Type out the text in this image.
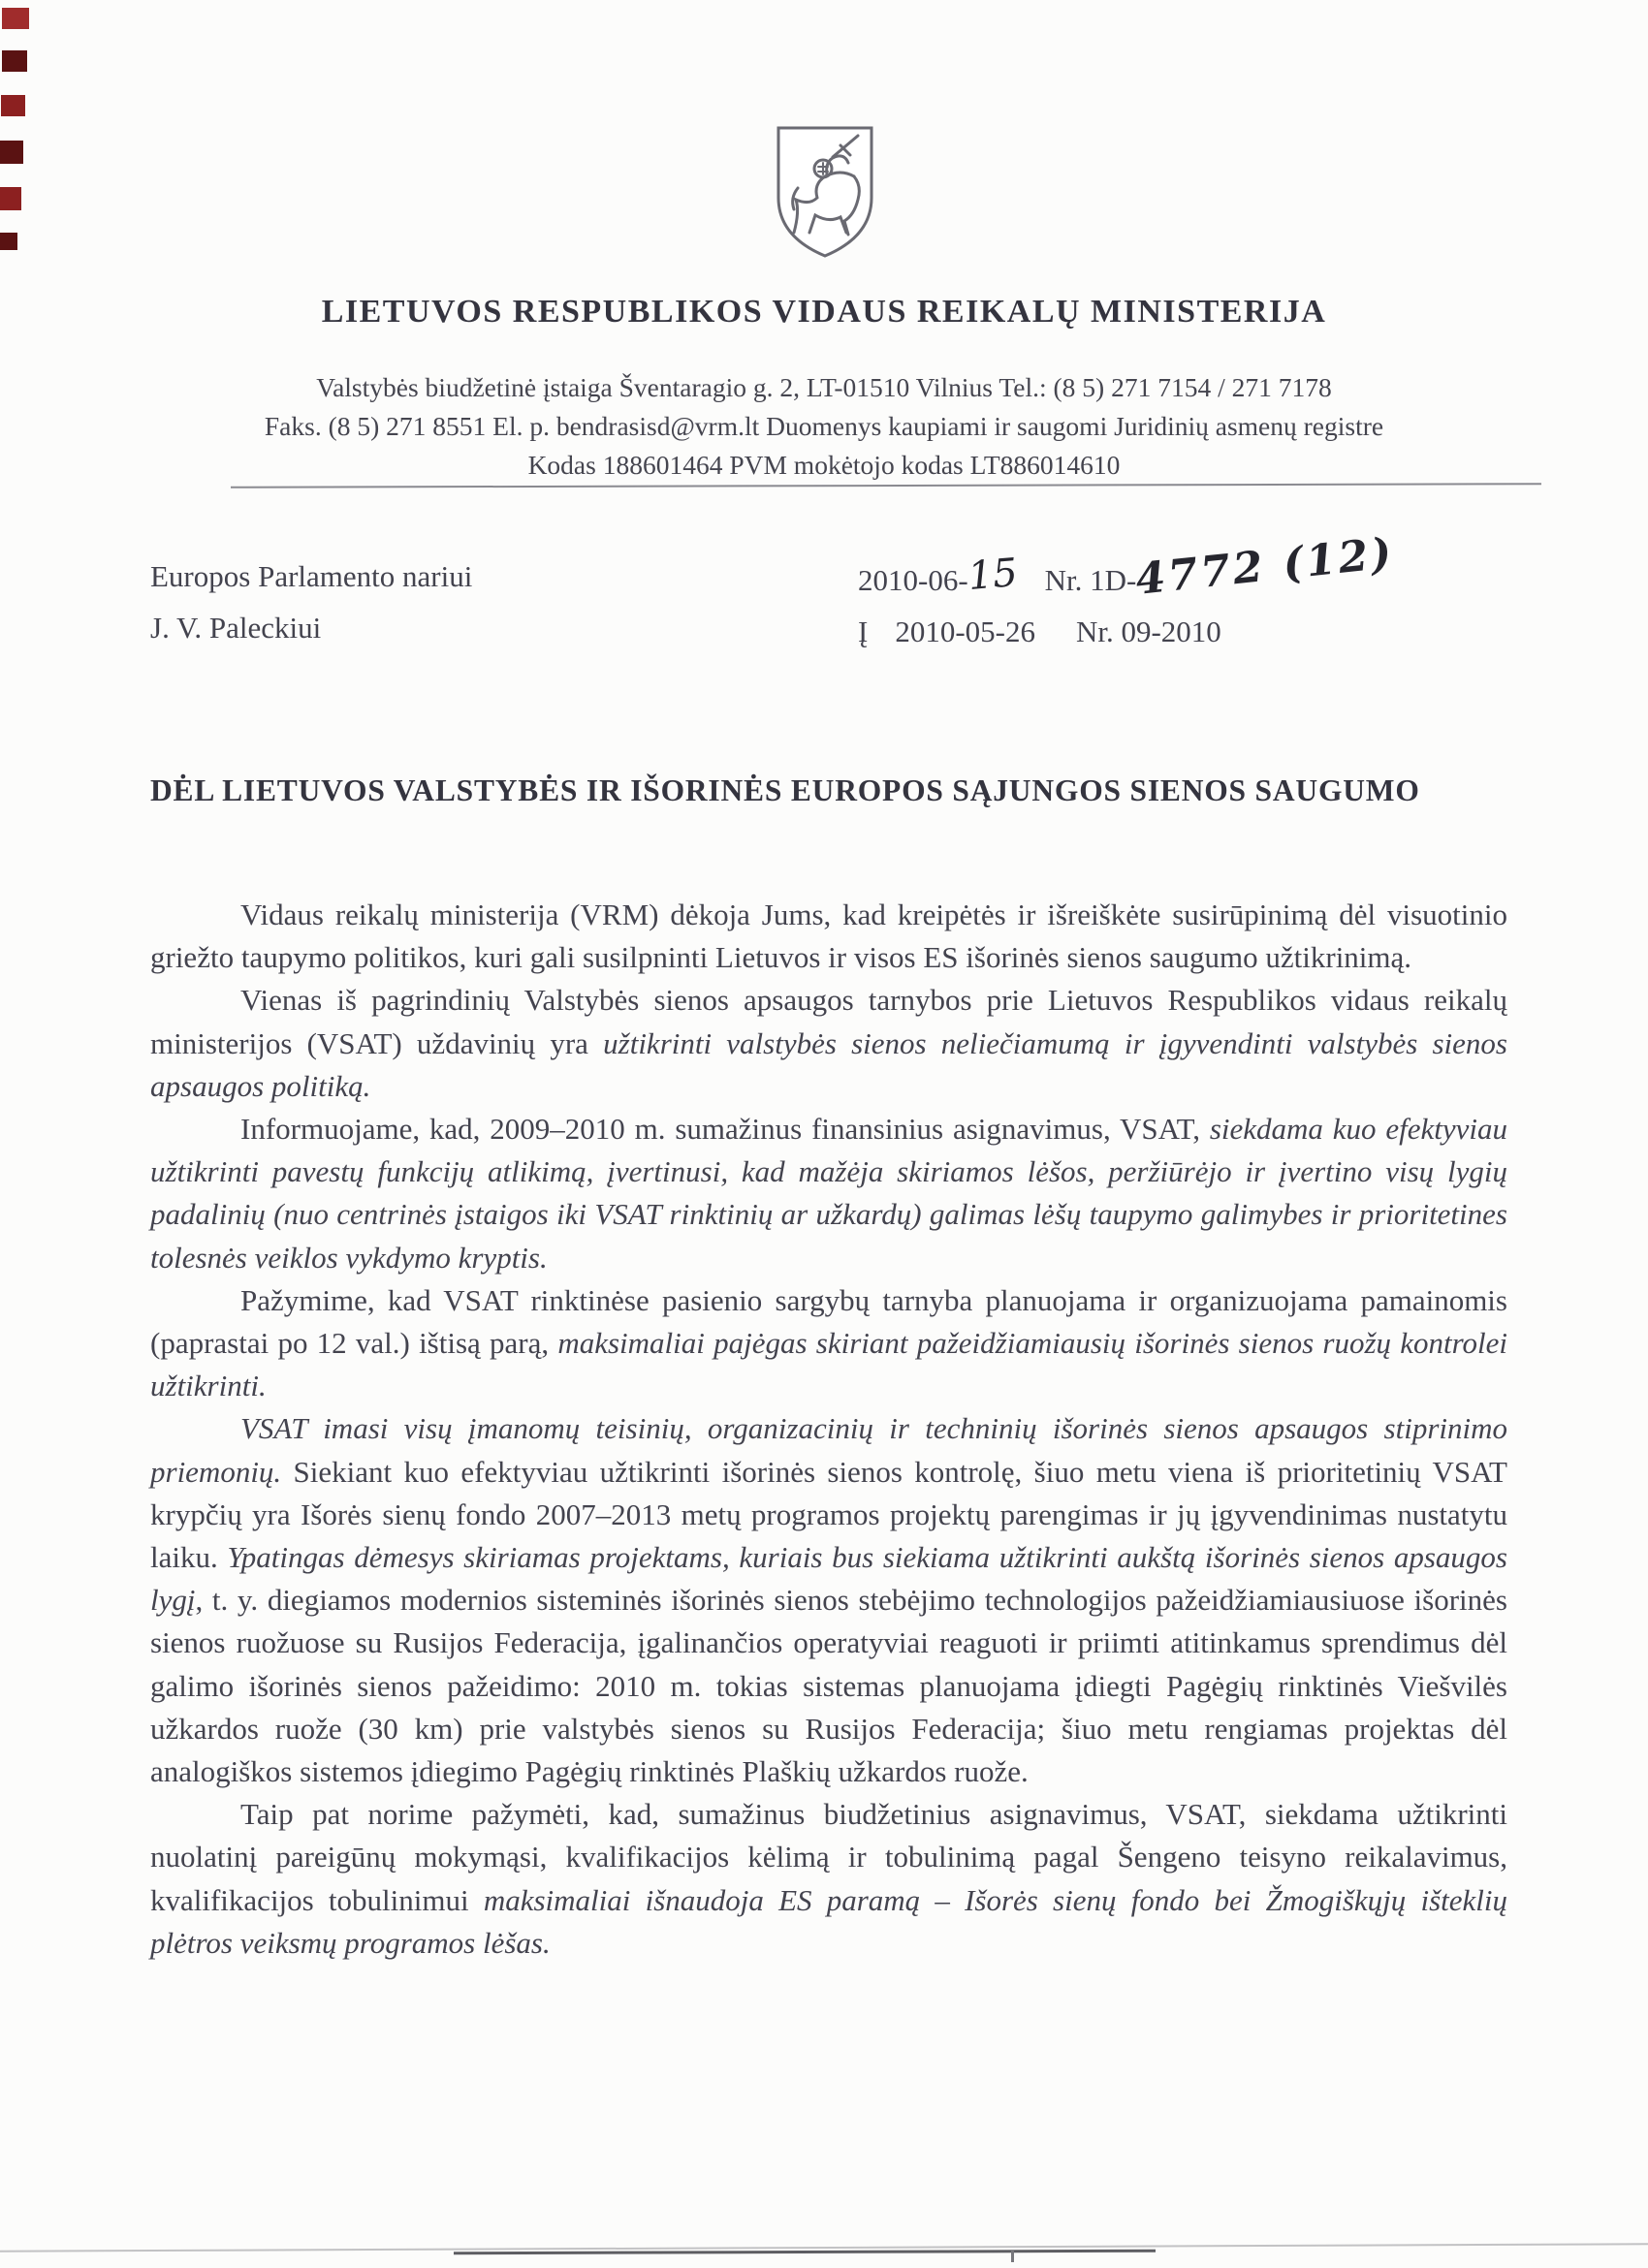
LIETUVOS RESPUBLIKOS VIDAUS REIKALŲ MINISTERIJA
Valstybės biudžetinė įstaiga Šventaragio g. 2, LT-01510 Vilnius Tel.: (8 5) 271 7154 / 271 7178
Faks. (8 5) 271 8551 El. p. bendrasisd@vrm.lt Duomenys kaupiami ir saugomi Juridinių asmenų registre
Kodas 188601464 PVM mokėtojo kodas LT886014610
Europos Parlamento nariui
J. V. Paleckiui
2010-06-15 Nr. 1D-4772 (12)
Į 2010-05-26 Nr. 09-2010
DĖL LIETUVOS VALSTYBĖS IR IŠORINĖS EUROPOS SĄJUNGOS SIENOS SAUGUMO

Vidaus reikalų ministerija (VRM) dėkoja Jums, kad kreipėtės ir išreiškėte susirūpinimą dėl visuotinio griežto taupymo politikos, kuri gali susilpninti Lietuvos ir visos ES išorinės sienos saugumo užtikrinimą.

Vienas iš pagrindinių Valstybės sienos apsaugos tarnybos prie Lietuvos Respublikos vidaus reikalų ministerijos (VSAT) uždavinių yra užtikrinti valstybės sienos neliečiamumą ir įgyvendinti valstybės sienos apsaugos politiką.

Informuojame, kad, 2009–2010 m. sumažinus finansinius asignavimus, VSAT, siekdama kuo efektyviau užtikrinti pavestų funkcijų atlikimą, įvertinusi, kad mažėja skiriamos lėšos, peržiūrėjo ir įvertino visų lygių padalinių (nuo centrinės įstaigos iki VSAT rinktinių ar užkardų) galimas lėšų taupymo galimybes ir prioritetines tolesnės veiklos vykdymo kryptis.

Pažymime, kad VSAT rinktinėse pasienio sargybų tarnyba planuojama ir organizuojama pamainomis (paprastai po 12 val.) ištisą parą, maksimaliai pajėgas skiriant pažeidžiamiausių išorinės sienos ruožų kontrolei užtikrinti.

VSAT imasi visų įmanomų teisinių, organizacinių ir techninių išorinės sienos apsaugos stiprinimo priemonių. Siekiant kuo efektyviau užtikrinti išorinės sienos kontrolę, šiuo metu viena iš prioritetinių VSAT krypčių yra Išorės sienų fondo 2007–2013 metų programos projektų parengimas ir jų įgyvendinimas nustatytu laiku. Ypatingas dėmesys skiriamas projektams, kuriais bus siekiama užtikrinti aukštą išorinės sienos apsaugos lygį, t. y. diegiamos modernios sisteminės išorinės sienos stebėjimo technologijos pažeidžiamiausiuose išorinės sienos ruožuose su Rusijos Federacija, įgalinančios operatyviai reaguoti ir priimti atitinkamus sprendimus dėl galimo išorinės sienos pažeidimo: 2010 m. tokias sistemas planuojama įdiegti Pagėgių rinktinės Viešvilės užkardos ruože (30 km) prie valstybės sienos su Rusijos Federacija; šiuo metu rengiamas projektas dėl analogiškos sistemos įdiegimo Pagėgių rinktinės Plaškių užkardos ruože.

Taip pat norime pažymėti, kad, sumažinus biudžetinius asignavimus, VSAT, siekdama užtikrinti nuolatinį pareigūnų mokymąsi, kvalifikacijos kėlimą ir tobulinimą pagal Šengeno teisyno reikalavimus, kvalifikacijos tobulinimui maksimaliai išnaudoja ES paramą – Išorės sienų fondo bei Žmogiškųjų išteklių plėtros veiksmų programos lėšas.
